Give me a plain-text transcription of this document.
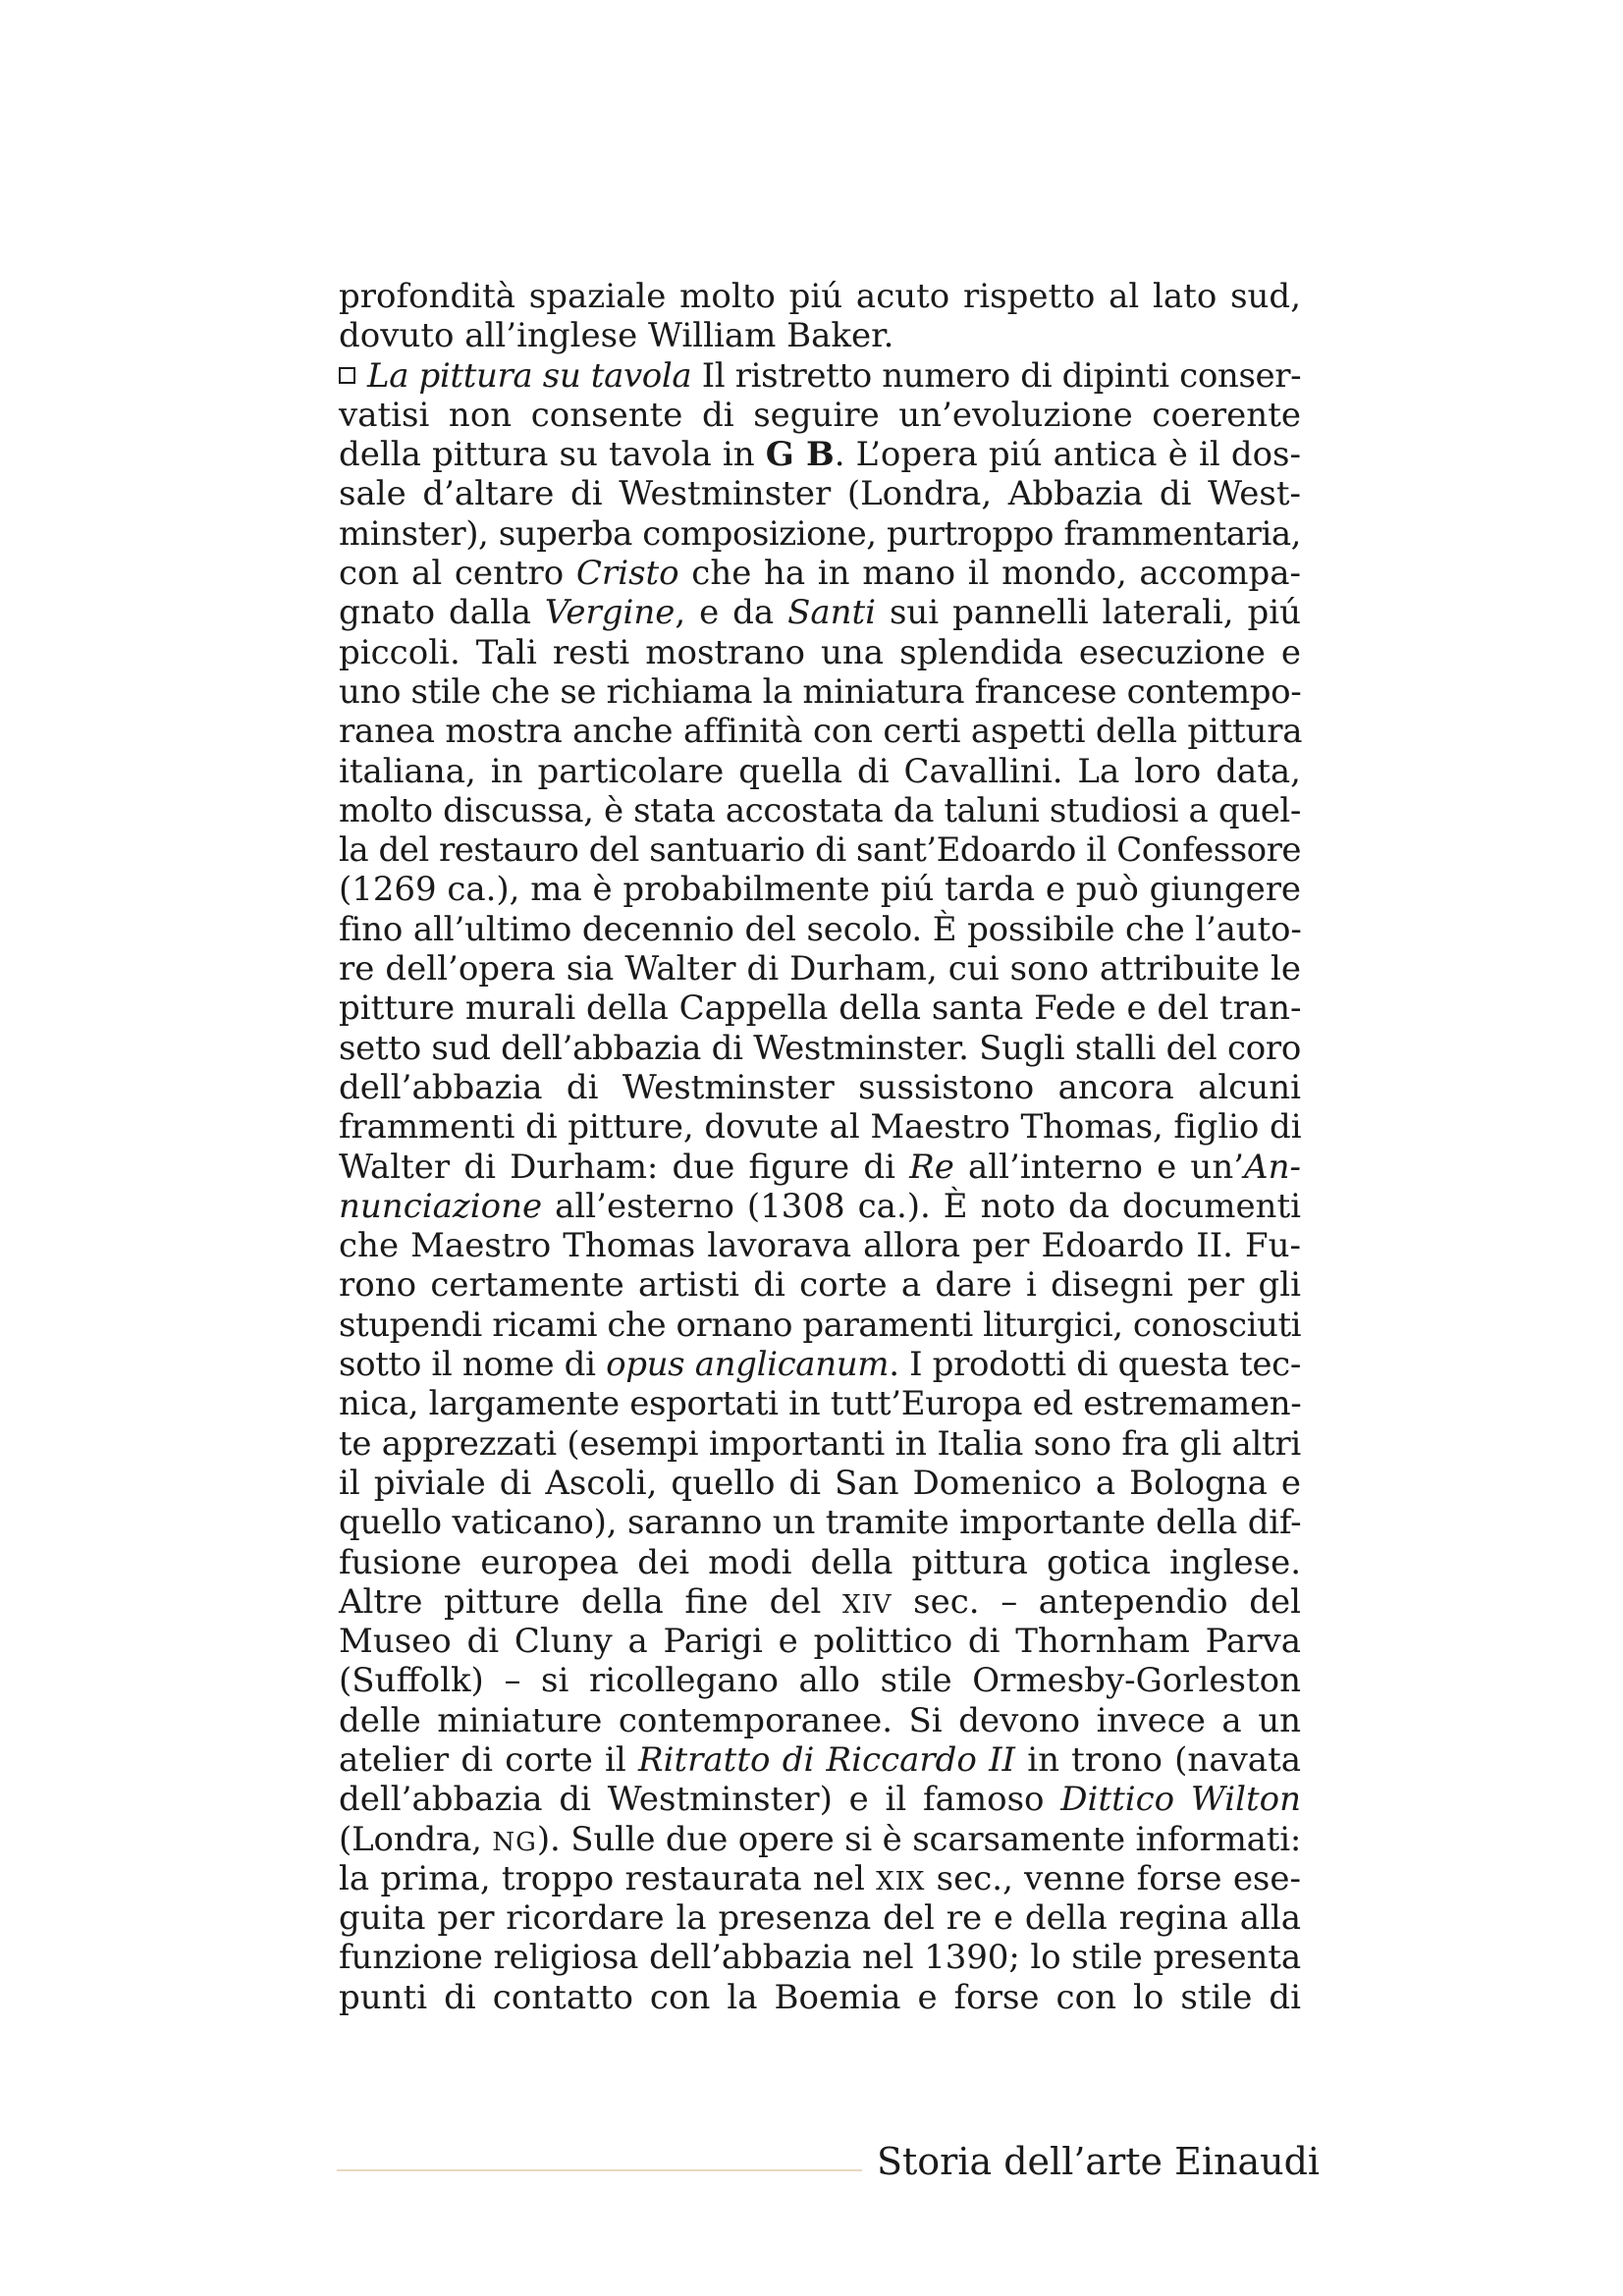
profondità spaziale molto piú acuto rispetto al lato sud,
dovuto all’inglese William Baker.
La pittura su tavola Il ristretto numero di dipinti conser-
vatisi non consente di seguire un’evoluzione coerente
della pittura su tavola in G B. L’opera piú antica è il dos-
sale d’altare di Westminster (Londra, Abbazia di West-
minster), superba composizione, purtroppo frammentaria,
con al centro Cristo che ha in mano il mondo, accompa-
gnato dalla Vergine, e da Santi sui pannelli laterali, piú
piccoli. Tali resti mostrano una splendida esecuzione e
uno stile che se richiama la miniatura francese contempo-
ranea mostra anche affinità con certi aspetti della pittura
italiana, in particolare quella di Cavallini. La loro data,
molto discussa, è stata accostata da taluni studiosi a quel-
la del restauro del santuario di sant’Edoardo il Confessore
(1269 ca.), ma è probabilmente piú tarda e può giungere
fino all’ultimo decennio del secolo. È possibile che l’auto-
re dell’opera sia Walter di Durham, cui sono attribuite le
pitture murali della Cappella della santa Fede e del tran-
setto sud dell’abbazia di Westminster. Sugli stalli del coro
dell’abbazia di Westminster sussistono ancora alcuni
frammenti di pitture, dovute al Maestro Thomas, figlio di
Walter di Durham: due figure di Re all’interno e un’An-
nunciazione all’esterno (1308 ca.). È noto da documenti
che Maestro Thomas lavorava allora per Edoardo II. Fu-
rono certamente artisti di corte a dare i disegni per gli
stupendi ricami che ornano paramenti liturgici, conosciuti
sotto il nome di opus anglicanum. I prodotti di questa tec-
nica, largamente esportati in tutt’Europa ed estremamen-
te apprezzati (esempi importanti in Italia sono fra gli altri
il piviale di Ascoli, quello di San Domenico a Bologna e
quello vaticano), saranno un tramite importante della dif-
fusione europea dei modi della pittura gotica inglese.
Altre pitture della fine del XIV sec. – antependio del
Museo di Cluny a Parigi e polittico di Thornham Parva
(Suffolk) – si ricollegano allo stile Ormesby-Gorleston
delle miniature contemporanee. Si devono invece a un
atelier di corte il Ritratto di Riccardo II in trono (navata
dell’abbazia di Westminster) e il famoso Dittico Wilton
(Londra, NG). Sulle due opere si è scarsamente informati:
la prima, troppo restaurata nel XIX sec., venne forse ese-
guita per ricordare la presenza del re e della regina alla
funzione religiosa dell’abbazia nel 1390; lo stile presenta
punti di contatto con la Boemia e forse con lo stile di
Storia dell’arte Einaudi
